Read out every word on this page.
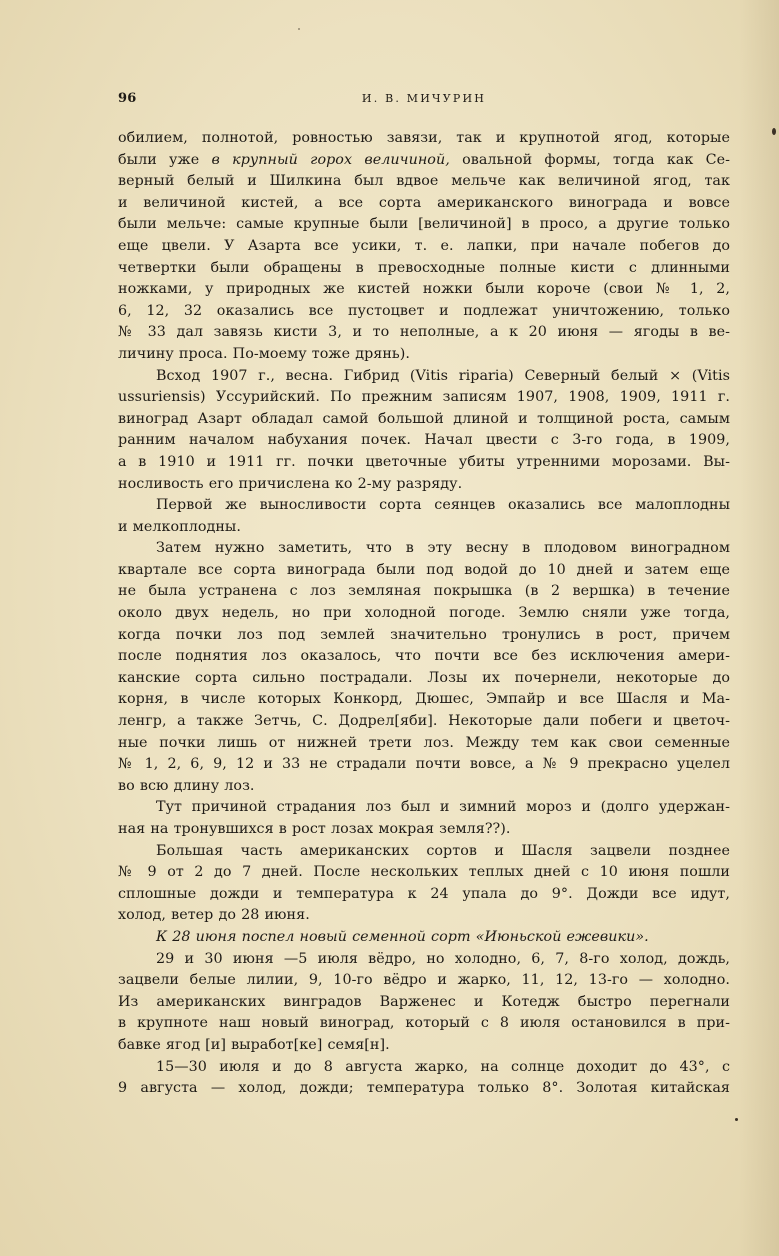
96	И. В. МИЧУРИН
обилием, полнотой, ровностью завязи, так и крупнотой ягод, которые
были уже в крупный горох величиной, овальной формы, тогда как Се-
верный белый и Шилкина был вдвое мельче как величиной ягод, так
и величиной кистей, а все сорта американского винограда и вовсе
были мельче: самые крупные были [величиной] в просо, а другие только
еще цвели. У Азарта все усики, т. е. лапки, при начале побегов до
четвертки были обращены в превосходные полные кисти с длинными
ножками, у природных же кистей ножки были короче (свои № 1, 2,
6, 12, 32 оказались все пустоцвет и подлежат уничтожению, только
№ 33 дал завязь кисти 3, и то неполные, а к 20 июня — ягоды в ве-
личину проса. По-моему тоже дрянь).
Всход 1907 г., весна. Гибрид (Vitis riparia) Северный белый × (Vitis
ussuriensis) Уссурийский. По прежним записям 1907, 1908, 1909, 1911 г.
виноград Азарт обладал самой большой длиной и толщиной роста, самым
ранним началом набухания почек. Начал цвести с 3-го года, в 1909,
а в 1910 и 1911 гг. почки цветочные убиты утренними морозами. Вы-
носливость его причислена ко 2-му разряду.
Первой же выносливости сорта сеянцев оказались все малоплодны
и мелкоплодны.
Затем нужно заметить, что в эту весну в плодовом виноградном
квартале все сорта винограда были под водой до 10 дней и затем еще
не была устранена с лоз земляная покрышка (в 2 вершка) в течение
около двух недель, но при холодной погоде. Землю сняли уже тогда,
когда почки лоз под землей значительно тронулись в рост, причем
после поднятия лоз оказалось, что почти все без исключения амери-
канские сорта сильно пострадали. Лозы их почернели, некоторые до
корня, в числе которых Конкорд, Дюшес, Эмпайр и все Шасля и Ма-
ленгр, а также Зетчь, С. Додрел[яби]. Некоторые дали побеги и цветоч-
ные почки лишь от нижней трети лоз. Между тем как свои семенные
№ 1, 2, 6, 9, 12 и 33 не страдали почти вовсе, а № 9 прекрасно уцелел
во всю длину лоз.
Тут причиной страдания лоз был и зимний мороз и (долго удержан-
ная на тронувшихся в рост лозах мокрая земля??).
Большая часть американских сортов и Шасля зацвели позднее
№ 9 от 2 до 7 дней. После нескольких теплых дней с 10 июня пошли
сплошные дожди и температура к 24 упала до 9°. Дожди все идут,
холод, ветер до 28 июня.
К 28 июня поспел новый семенной сорт «Июньской ежевики».
29 и 30 июня —5 июля вёдро, но холодно, 6, 7, 8-го холод, дождь,
зацвели белые лилии, 9, 10-го вёдро и жарко, 11, 12, 13-го — холодно.
Из американских винградов Варженес и Котедж быстро перегнали
в крупноте наш новый виноград, который с 8 июля остановился в при-
бавке ягод [и] выработ[ке] семя[н].
15—30 июля и до 8 августа жарко, на солнце доходит до 43°, с
9 августа — холод, дожди; температура только 8°. Золотая китайская
